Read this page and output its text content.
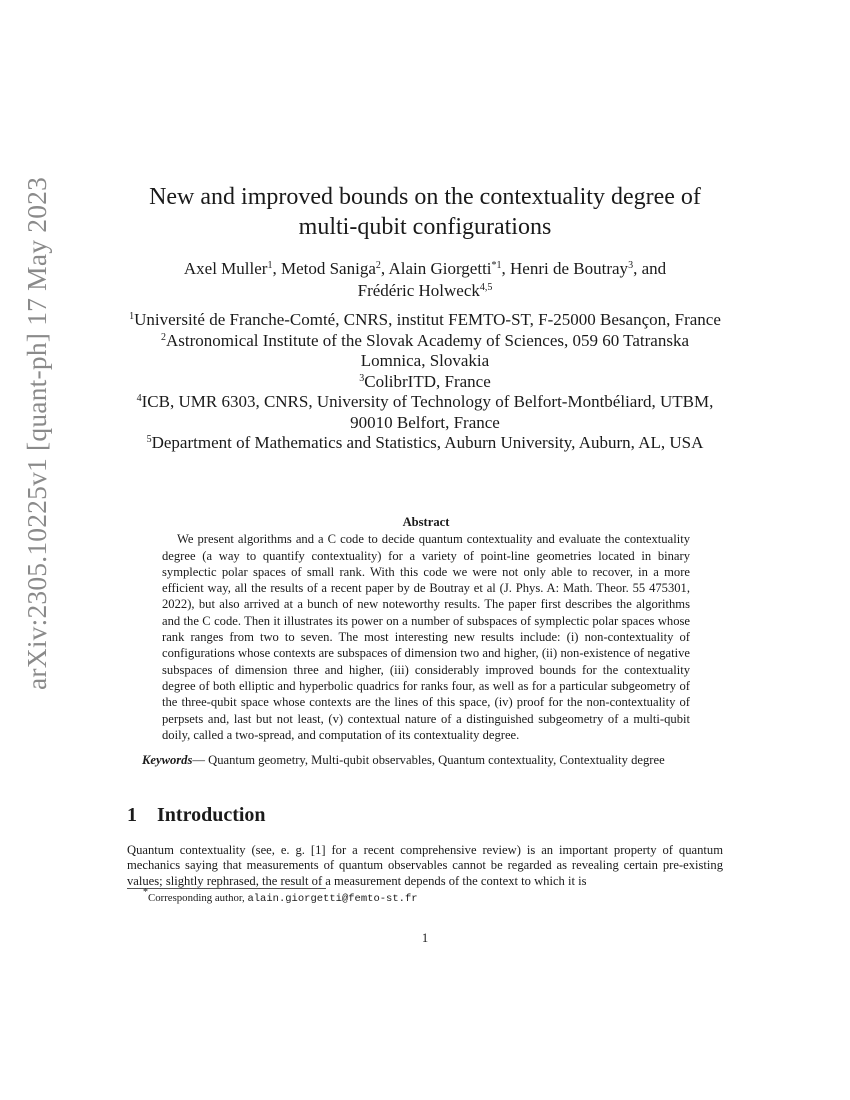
arXiv:2305.10225v1 [quant-ph] 17 May 2023	New and improved bounds on the contextuality degree of
multi-qubit configurations
Axel Muller$^1$, Metod Saniga$^2$, Alain Giorgetti$^{*1}$, Henri de Boutray$^3$, and
Frédéric Holweck$^{4,5}$
$^1$Université de Franche-Comté, CNRS, institut FEMTO-ST, F-25000 Besançon, France
$^2$Astronomical Institute of the Slovak Academy of Sciences, 059 60 Tatranska Lomnica, Slovakia
$^3$ColibrITD, France
$^4$ICB, UMR 6303, CNRS, University of Technology of Belfort-Montbéliard, UTBM, 90010 Belfort, France
$^5$Department of Mathematics and Statistics, Auburn University, Auburn, AL, USA
Abstract

We present algorithms and a C code to decide quantum contextuality and evaluate the contextuality degree (a way to quantify contextuality) for a variety of point-line geometries located in binary symplectic polar spaces of small rank. With this code we were not only able to recover, in a more efficient way, all the results of a recent paper by de Boutray et al (J. Phys. A: Math. Theor. 55 475301, 2022), but also arrived at a bunch of new noteworthy results. The paper first describes the algorithms and the C code. Then it illustrates its power on a number of subspaces of symplectic polar spaces whose rank ranges from two to seven. The most interesting new results include: (i) non-contextuality of configurations whose contexts are subspaces of dimension two and higher, (ii) non-existence of negative subspaces of dimension three and higher, (iii) considerably improved bounds for the contextuality degree of both elliptic and hyperbolic quadrics for ranks four, as well as for a particular subgeometry of the three-qubit space whose contexts are the lines of this space, (iv) proof for the non-contextuality of perpsets and, last but not least, (v) contextual nature of a distinguished subgeometry of a multi-qubit doily, called a two-spread, and computation of its contextuality degree.

Keywords— Quantum geometry, Multi-qubit observables, Quantum contextuality, Contextuality degree
1 Introduction

Quantum contextuality (see, e. g. [1] for a recent comprehensive review) is an important property of quantum mechanics saying that measurements of quantum observables cannot be regarded as revealing certain pre-existing values; slightly rephrased, the result of a measurement depends of the context to which it is

*Corresponding author, alain.giorgetti@femto-st.fr
1
